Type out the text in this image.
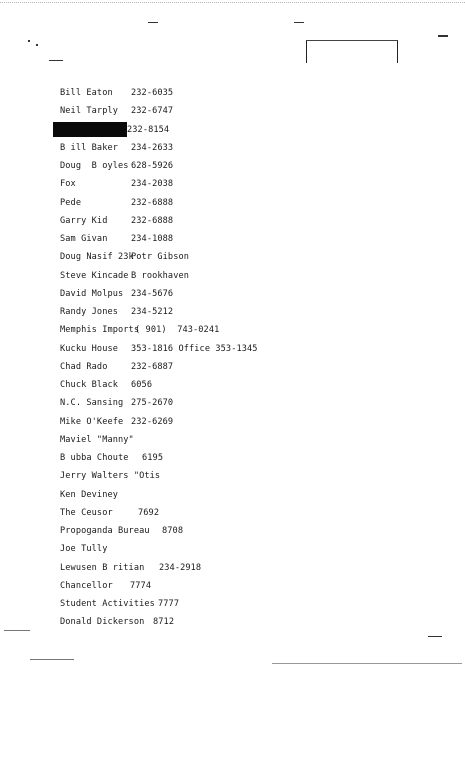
Bill Eaton 232-6035
Neil Tarply 232-6747
232-8154
B ill Baker 234-2633
Doug  B oyles 628-5926
Fox	234-2038
Pede	232-6888
Garry Kid	232-6888
Sam Givan	234-1088
Doug Nasif 23kPotr Gibson
Steve Kincade B rookhaven
David Molpus 234-5676
Randy Jones 234-5212
Memphis Imports( 901)  743-0241
Kucku House 353-1816 Office 353-1345
Chad Rado	232-6887
Chuck Black 6056
N.C. Sansing 275-2670
Mike O'Keefe 232-6269
Maviel "Manny"
B ubba Choute 6195
Jerry Walters "Otis
Ken Deviney
The Ceusor	7692
Propoganda Bureau 8708
Joe Tully
Lewusen B ritian 234-2918
Chancellor 7774
Student Activities 7777
Donald Dickerson 8712
